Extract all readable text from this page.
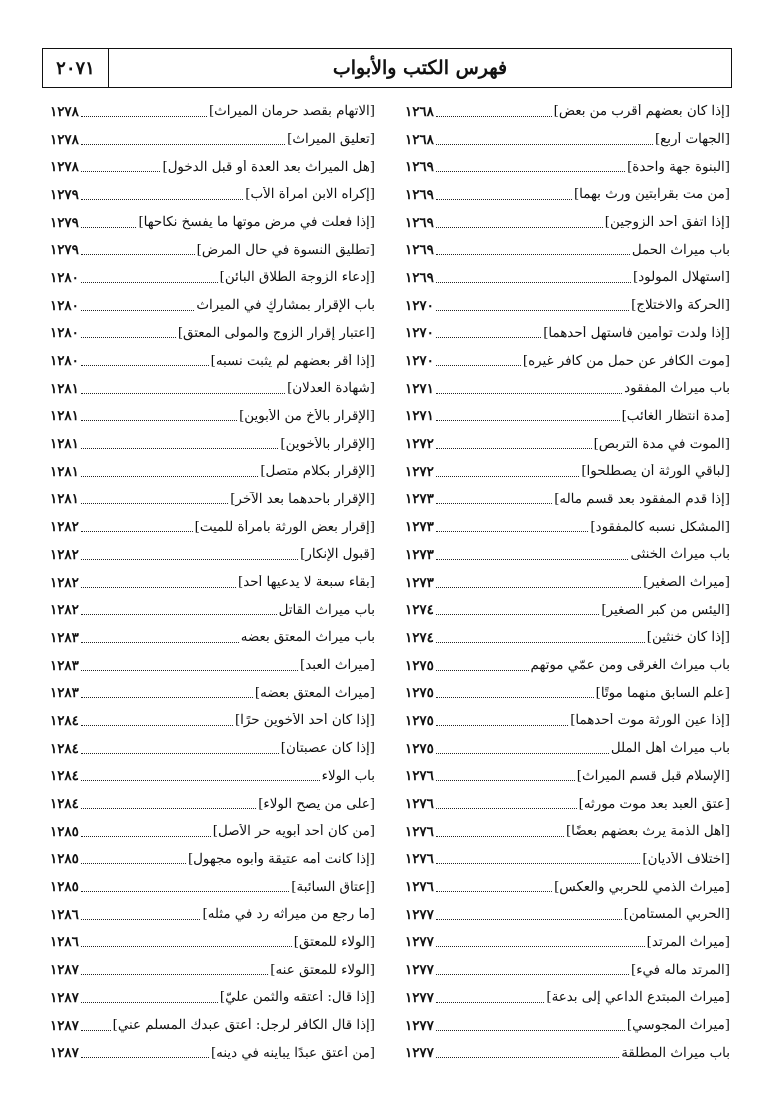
فهرس الكتب والأبواب
٢٠٧١
[إذا كان بعضهم أقرب من بعض]
١٢٦٨
[الجهات أربع]
١٢٦٨
[البنوة جهة واحدة]
١٢٦٩
[من مت بقرابتين ورث بهما]
١٢٦٩
[إذا اتفق أحد الزوجين]
١٢٦٩
باب ميراث الحمل
١٢٦٩
[استهلال المولود]
١٢٦٩
[الحركة والاختلاج]
١٢٧٠
[إذا ولدت توأمين فاستهل أحدهما]
١٢٧٠
[موت الكافر عن حمل من كافر غيره]
١٢٧٠
باب ميراث المفقود
١٢٧١
[مدة انتظار الغائب]
١٢٧١
[الموت في مدة التربص]
١٢٧٢
[لباقي الورثة أن يصطلحوا]
١٢٧٢
[إذا قدم المفقود بعد قسم ماله]
١٢٧٣
[المشكل نسبه كالمفقود]
١٢٧٣
باب ميراث الخنثى
١٢٧٣
[ميراث الصغير]
١٢٧٣
[اليئس من كبر الصغير]
١٢٧٤
[إذا كان خنثين]
١٢٧٤
باب ميراث الغرقى ومن عمّي موتهم
١٢٧٥
[علم السابق منهما موتًا]
١٢٧٥
[إذا عين الورثة موت أحدهما]
١٢٧٥
باب ميراث أهل الملل
١٢٧٥
[الإسلام قبل قسم الميراث]
١٢٧٦
[عتق العبد بعد موت مورثه]
١٢٧٦
[أهل الذمة يرث بعضهم بعضًا]
١٢٧٦
[اختلاف الأديان]
١٢٧٦
[ميراث الذمي للحربي والعكس]
١٢٧٦
[الحربي المستأمن]
١٢٧٧
[ميراث المرتد]
١٢٧٧
[المرتد ماله فيء]
١٢٧٧
[ميراث المبتدع الداعي إلى بدعة]
١٢٧٧
[ميراث المجوسي]
١٢٧٧
باب ميراث المطلّقة
١٢٧٧
[الاتهام بقصد حرمان الميراث]
١٢٧٨
[تعليق الميراث]
١٢٧٨
[هل الميراث بعد العدة أو قبل الدخول]
١٢٧٨
[إكراه الابن امرأة الأب]
١٢٧٩
[إذا فعلت في مرض موتها ما يفسخ نكاحها]
١٢٧٩
[تطليق النسوة في حال المرض]
١٢٧٩
[إدعاء الزوجة الطلاق البائن]
١٢٨٠
باب الإقرار بمشاركٍ في الميراث
١٢٨٠
[اعتبار إقرار الزوج والمولى المعتق]
١٢٨٠
[إذا أقر بعضهم لم يثبت نسبه]
١٢٨٠
[شهادة العدلان]
١٢٨١
[الإقرار بالأخ من الأبوين]
١٢٨١
[الإقرار بالأخوين]
١٢٨١
[الإقرار بكلام متصل]
١٢٨١
[الإقرار بأحدهما بعد الآخر]
١٢٨١
[إقرار بعض الورثة بامرأة للميت]
١٢٨٢
[قبول الإنكار]
١٢٨٢
[بقاء سبعة لا يدعيها أحد]
١٢٨٢
باب ميراث القاتل
١٢٨٢
باب ميراث المعتق بعضه
١٢٨٣
[ميراث العبد]
١٢٨٣
[ميراث المعتق بعضه]
١٢٨٣
[إذا كان أحد الأخوين حرًا]
١٢٨٤
[إذا كان عصبتان]
١٢٨٤
باب الولاء
١٢٨٤
[على من يصح الولاء]
١٢٨٤
[من كان أحد أبويه حر الأصل]
١٢٨٥
[إذا كانت أمه عتيقة وأبوه مجهول]
١٢٨٥
[إعتاق السائبة]
١٢٨٥
[ما رجع من ميراثه رد في مثله]
١٢٨٦
[الولاء للمعتق]
١٢٨٦
[الولاء للمعتق عنه]
١٢٨٧
[إذا قال: أعتقه والثمن عليّ]
١٢٨٧
[إذا قال الكافر لرجل: أعتق عبدك المسلم عني]
١٢٨٧
[من أعتق عبدًا يباينه في دينه]
١٢٨٧
